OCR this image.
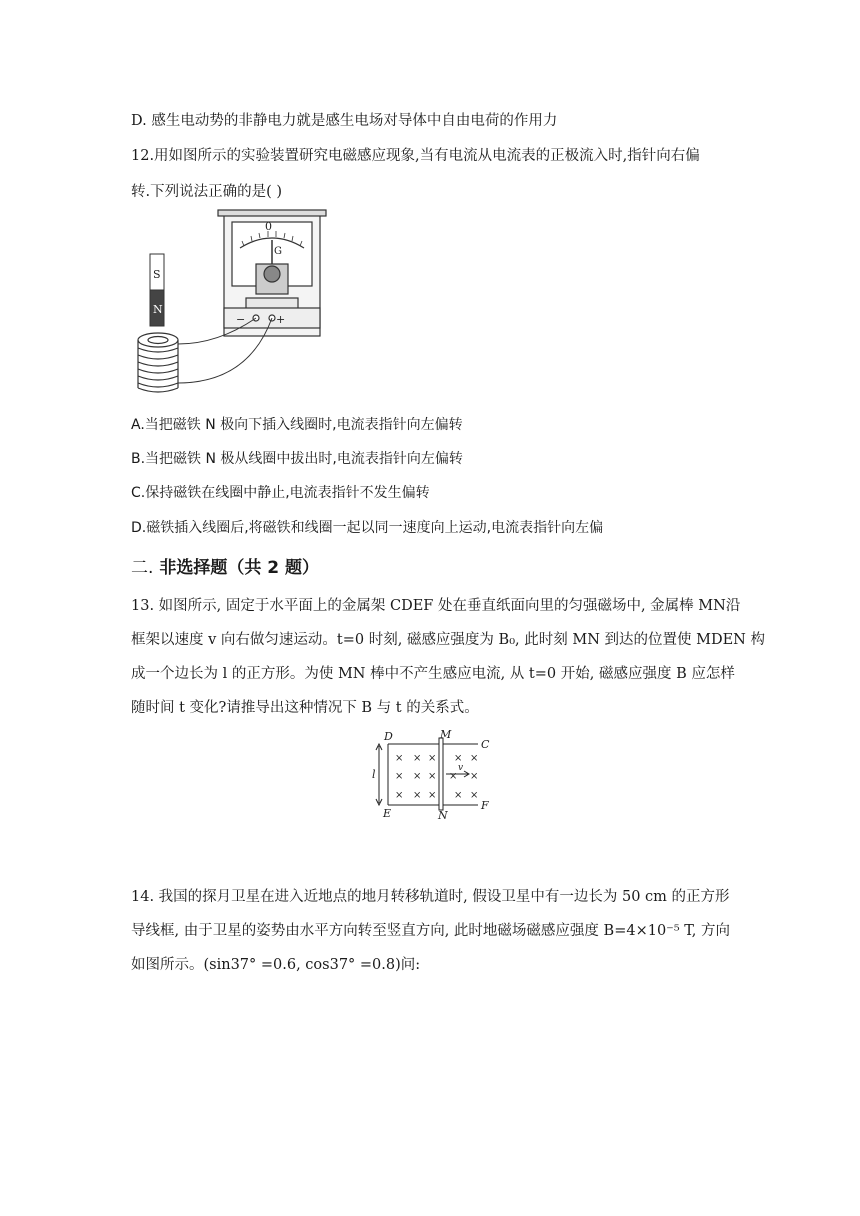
D. 感生电动势的非静电力就是感生电场对导体中自由电荷的作用力
12.用如图所示的实验装置研究电磁感应现象,当有电流从电流表的正极流入时,指针向右偏
转.下列说法正确的是( )
0
G
−	+
S
N
A.当把磁铁 N 极向下插入线圈时,电流表指针向左偏转
B.当把磁铁 N 极从线圈中拔出时,电流表指针向左偏转
C.保持磁铁在线圈中静止,电流表指针不发生偏转
D.磁铁插入线圈后,将磁铁和线圈一起以同一速度向上运动,电流表指针向左偏
二. 非选择题（共 2 题）
13. 如图所示, 固定于水平面上的金属架 CDEF 处在垂直纸面向里的匀强磁场中, 金属棒 MN沿
框架以速度 v 向右做匀速运动。t=0 时刻, 磁感应强度为 B₀, 此时刻 MN 到达的位置使 MDEN 构
成一个边长为 l 的正方形。为使 MN 棒中不产生感应电流, 从 t=0 开始, 磁感应强度 B 应怎样
随时间 t 变化?请推导出这种情况下 B 与 t 的关系式。
× × × × ×
× × × × ×
× × × × ×
D	M
C
E	N
F
l	v
14. 我国的探月卫星在进入近地点的地月转移轨道时, 假设卫星中有一边长为 50 cm 的正方形
导线框, 由于卫星的姿势由水平方向转至竖直方向, 此时地磁场磁感应强度 B=4×10⁻⁵ T, 方向
如图所示。(sin37° =0.6, cos37° =0.8)问:
